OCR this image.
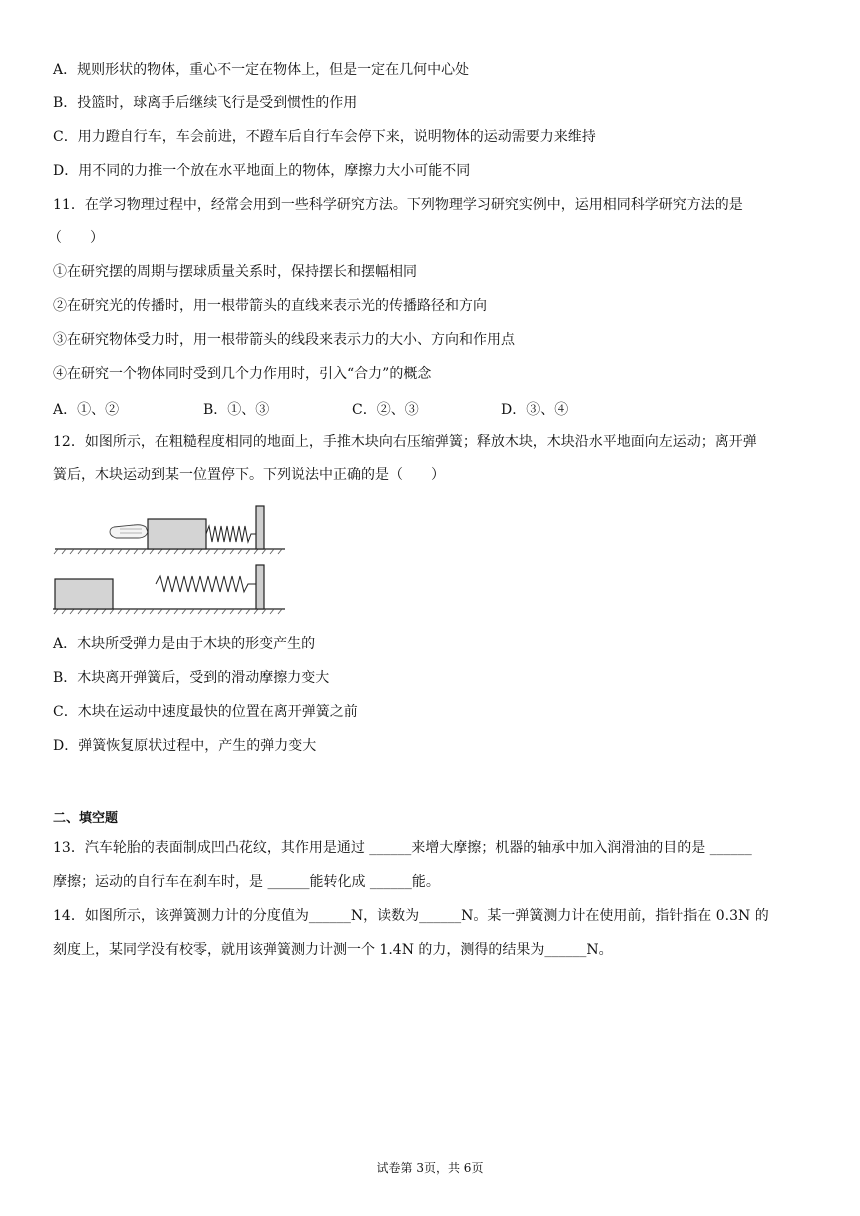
A．规则形状的物体，重心不一定在物体上，但是一定在几何中心处
B．投篮时，球离手后继续飞行是受到惯性的作用
C．用力蹬自行车，车会前进，不蹬车后自行车会停下来，说明物体的运动需要力来维持
D．用不同的力推一个放在水平地面上的物体，摩擦力大小可能不同
11．在学习物理过程中，经常会用到一些科学研究方法。下列物理学习研究实例中，运用相同科学研究方法的是
（　　）
①在研究摆的周期与摆球质量关系时，保持摆长和摆幅相同
②在研究光的传播时，用一根带箭头的直线来表示光的传播路径和方向
③在研究物体受力时，用一根带箭头的线段来表示力的大小、方向和作用点
④在研究一个物体同时受到几个力作用时，引入“合力”的概念
A．①、②	B．①、③	C．②、③	D．③、④
12．如图所示，在粗糙程度相同的地面上，手推木块向右压缩弹簧；释放木块，木块沿水平地面向左运动；离开弹
簧后，木块运动到某一位置停下。下列说法中正确的是（　　）
A．木块所受弹力是由于木块的形变产生的
B．木块离开弹簧后，受到的滑动摩擦力变大
C．木块在运动中速度最快的位置在离开弹簧之前
D．弹簧恢复原状过程中，产生的弹力变大
二、填空题
13．汽车轮胎的表面制成凹凸花纹，其作用是通过 ______来增大摩擦；机器的轴承中加入润滑油的目的是 ______
摩擦；运动的自行车在刹车时，是 ______能转化成 ______能。
14．如图所示，该弹簧测力计的分度值为______N，读数为______N。某一弹簧测力计在使用前，指针指在 0.3N 的
刻度上，某同学没有校零，就用该弹簧测力计测一个 1.4N 的力，测得的结果为______N。
试卷第 3页，共 6页
